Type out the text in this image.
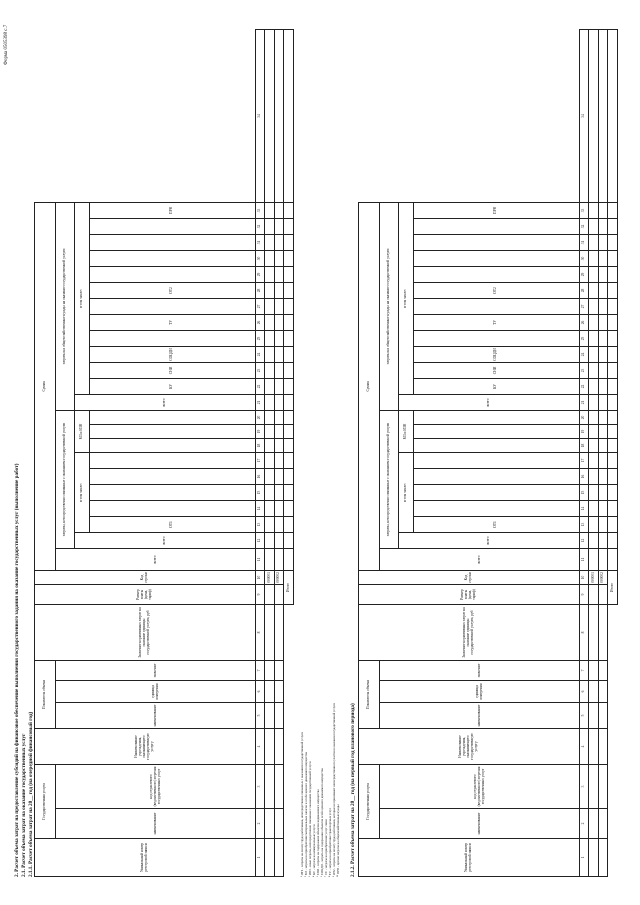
Форма 0505398 с.7
2. Расчет объема затрат на предоставление субсидий на финансовое обеспечение выполнения государственного задания на оказание государственных услуг (выполнение работ) 2.1. Расчет объема затрат на оказание государственных услуг 2.1.1. Расчет объема затрат на 20__ год (на очередной финансовый год)	Уникальный номер реестровой записи	Государственная услуга		Наименование учреждения, оказывающего государственную услугу	Показатель объема			Значение нормативных затрат на оказание единицы государственной услуги, руб	Размер платы (цена, тариф)	Код строки	Сумма																							
	наименование	код отраслевого (ведомственного) перечня государственных услуг		наименование	единица измерения	значение				всего	затраты, непосредственно связанные с оказанием государственной услуги									затраты на общехозяйственные нужды на оказание государственной услуги													
											всего	в том числе:					МЗ и ИЗН			всего	в том числе:												
												ОТ1									КУ	СНИ	СОЦДИ		ТУ		ОТ2					ПРН	
1	2	3	4	5	6	7	8	9	10	11	12	13	14	15	16	17	18	19	20	21	22	23	24	25	26	27	28	29	30	31	32	33	34
									000001																								
									000002																								
								Итого																									
¹ ОТ1 - затраты на оплату труда работников, непосредственно связанных с оказанием государственной услуги ² МЗ - затраты на приобретение материальных запасов и особо ценного движимого имущества ³ ИНЗ - иные затраты, непосредственно связанные с оказанием государственной услуги ⁴ КУ - затраты на коммунальные услуги ⁵ СНИ - затраты на содержание объектов недвижимого имущества ⁶ СОЦДИ - затраты на содержание объектов особо ценного движимого имущества ⁷ УС - затраты на приобретение услуг связи ⁸ ТУ - затраты на приобретение транспортных услуг ⁹ ОТ2 - затраты на оплату труда работников, которые не принимают непосредственного участия в оказании государственной услуги ¹⁰ ПРН - прочие затраты на общехозяйственные нужды 2.1.2. Расчет объема затрат на 20__ год (на первый год планового периода)	Уникальный номер реестровой записи	Государственная услуга		Наименование учреждения, оказывающего государственную услугу	Показатель объема			Значение нормативных затрат на оказание единицы государственной услуги, руб	Размер платы (цена, тариф)	Код строки	Сумма																							
	наименование	код отраслевого (ведомственного) перечня государственных услуг		наименование	единица измерения	значение				всего	затраты, непосредственно связанные с оказанием государственной услуги									затраты на общехозяйственные нужды на оказание государственной услуги													
											всего	в том числе:					МЗ и ИЗН			всего	в том числе:												
												ОТ1									КУ	СНИ	СОЦДИ		ТУ		ОТ2					ПРН	
1	2	3	4	5	6	7	8	9	10	11	12	13	14	15	16	17	18	19	20	21	22	23	24	25	26	27	28	29	30	31	32	33	34
									000001																								
									000002																								
								Итого																									
